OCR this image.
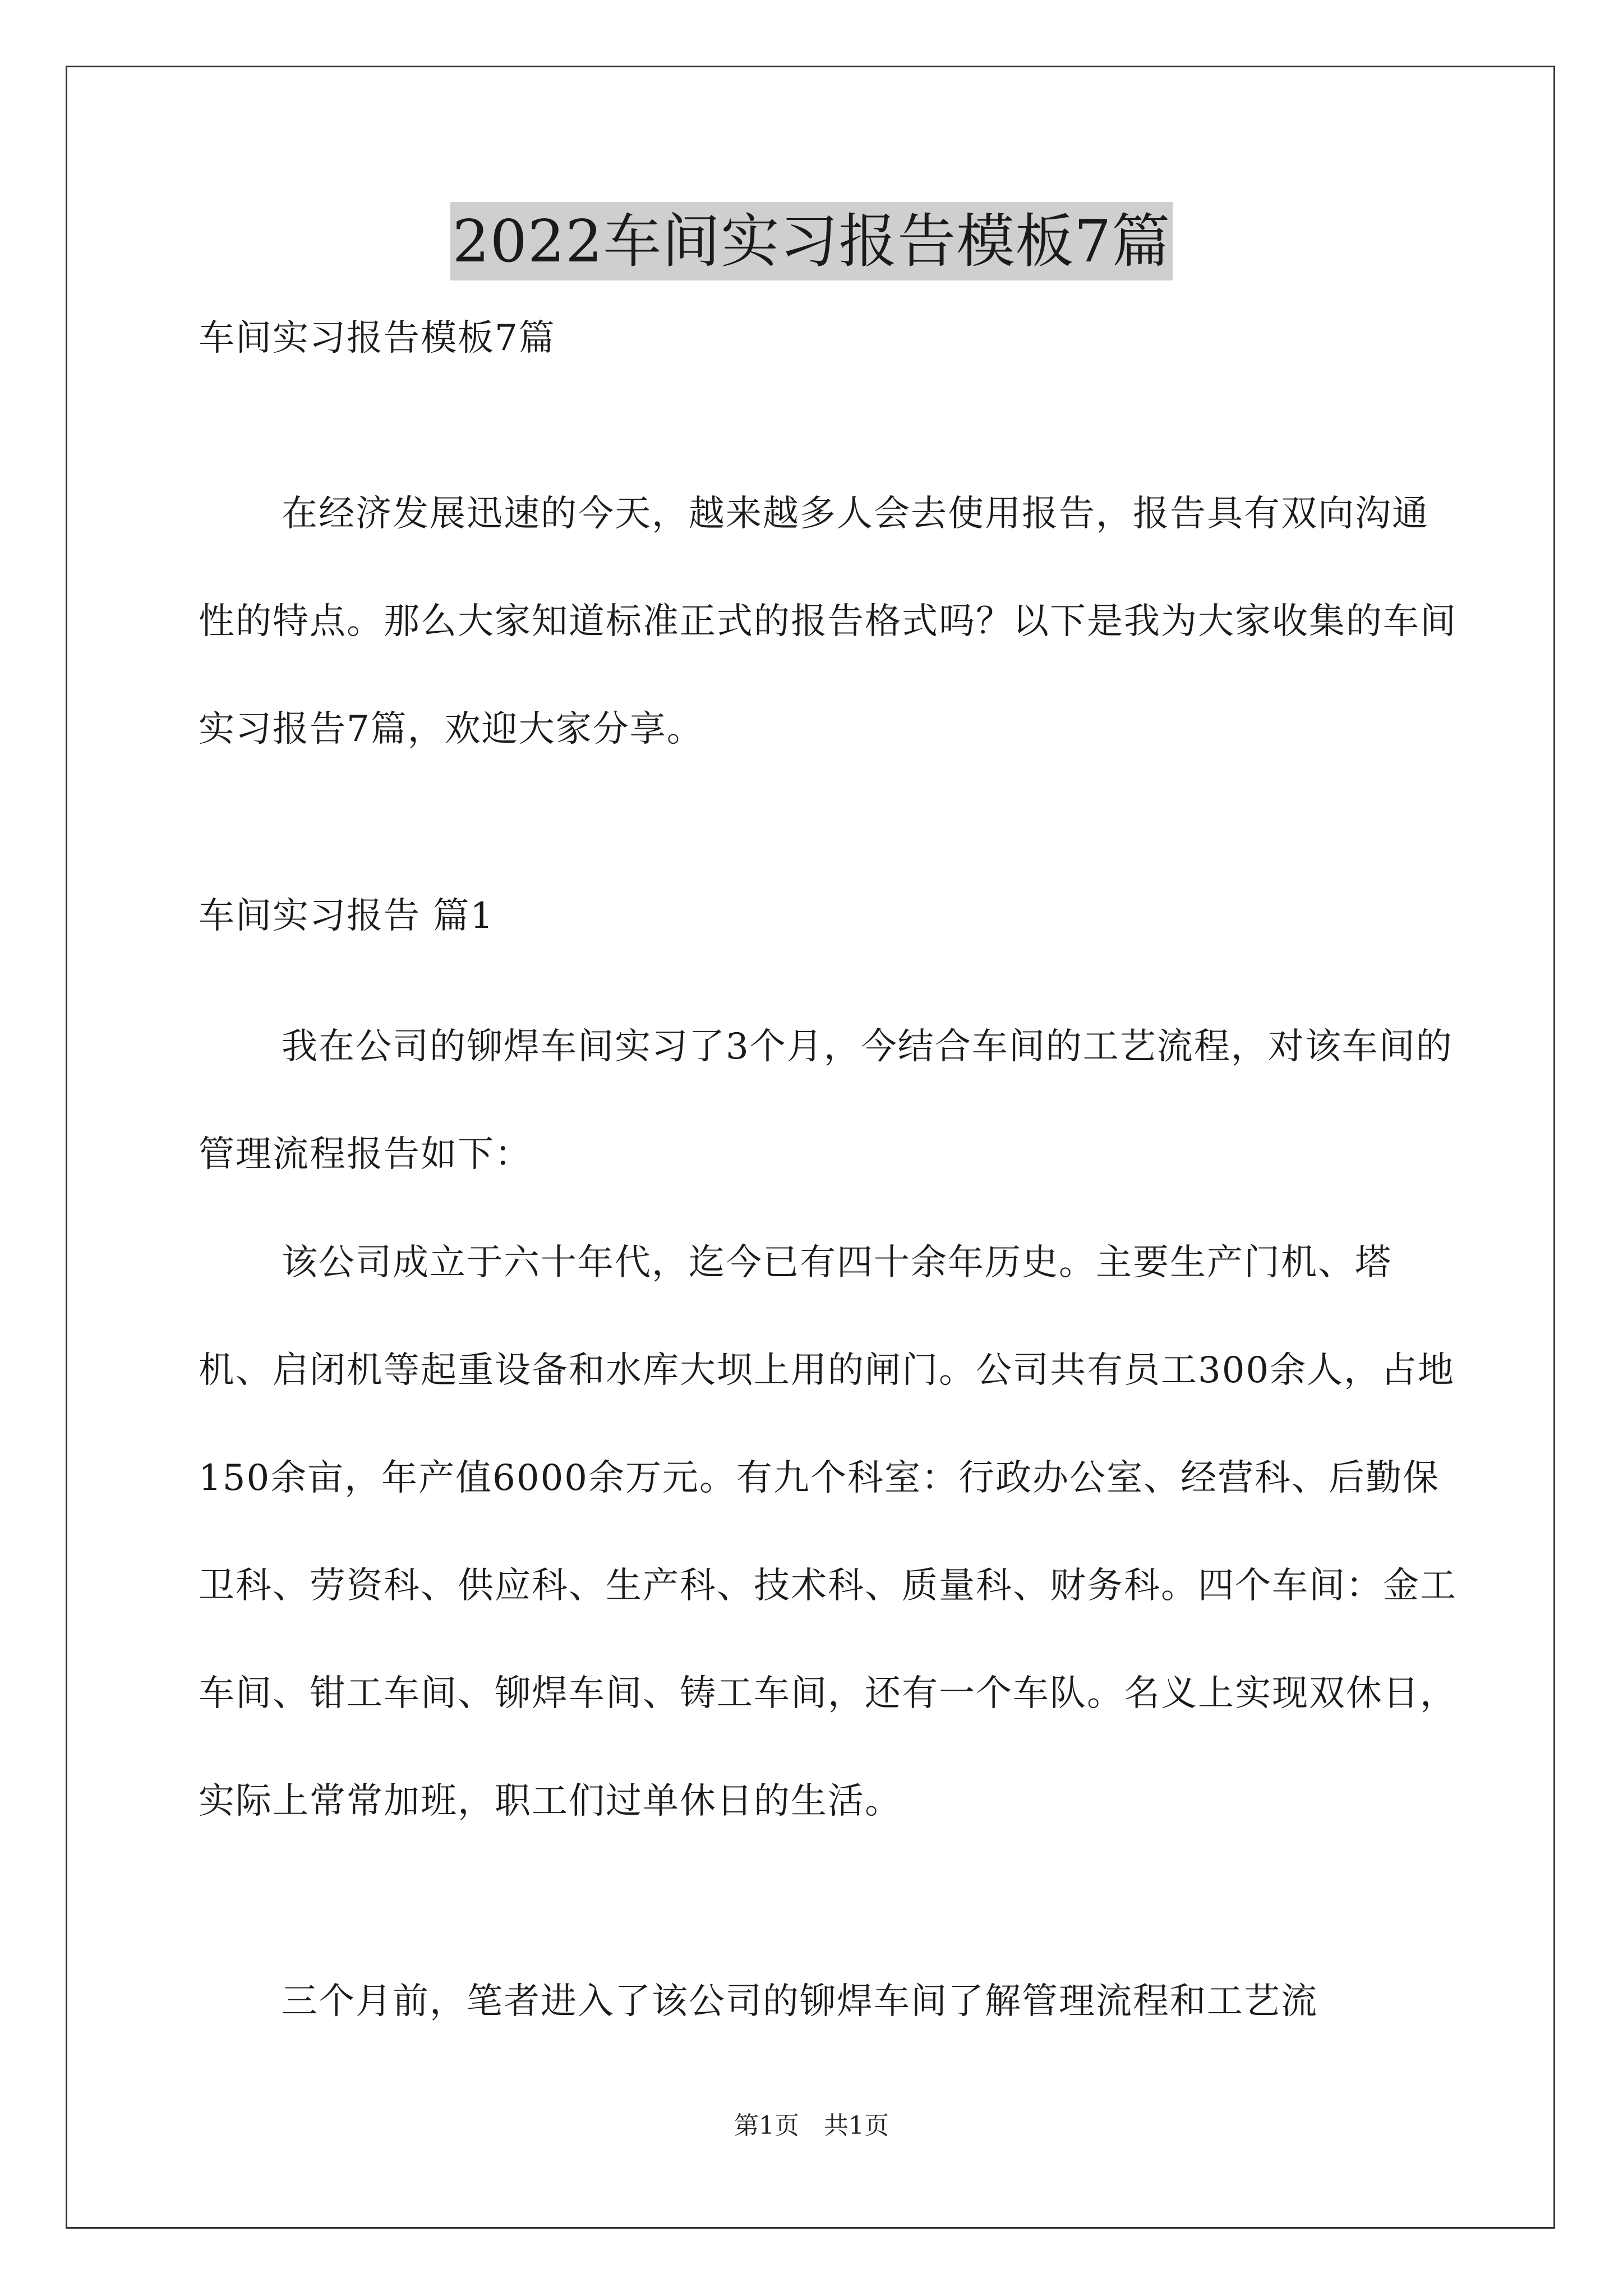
2022车间实习报告模板7篇
车间实习报告模板7篇
在经济发展迅速的今天，越来越多人会去使用报告，报告具有双向沟通性的特点。那么大家知道标准正式的报告格式吗？以下是我为大家收集的车间实习报告7篇，欢迎大家分享。
车间实习报告 篇1
我在公司的铆焊车间实习了3个月，今结合车间的工艺流程，对该车间的管理流程报告如下：
该公司成立于六十年代，迄今已有四十余年历史。主要生产门机、塔机、启闭机等起重设备和水库大坝上用的闸门。公司共有员工300余人，占地150余亩，年产值6000余万元。有九个科室：行政办公室、经营科、后勤保卫科、劳资科、供应科、生产科、技术科、质量科、财务科。四个车间：金工车间、钳工车间、铆焊车间、铸工车间，还有一个车队。名义上实现双休日，实际上常常加班，职工们过单休日的生活。
三个月前，笔者进入了该公司的铆焊车间了解管理流程和工艺流
第1页　共1页
